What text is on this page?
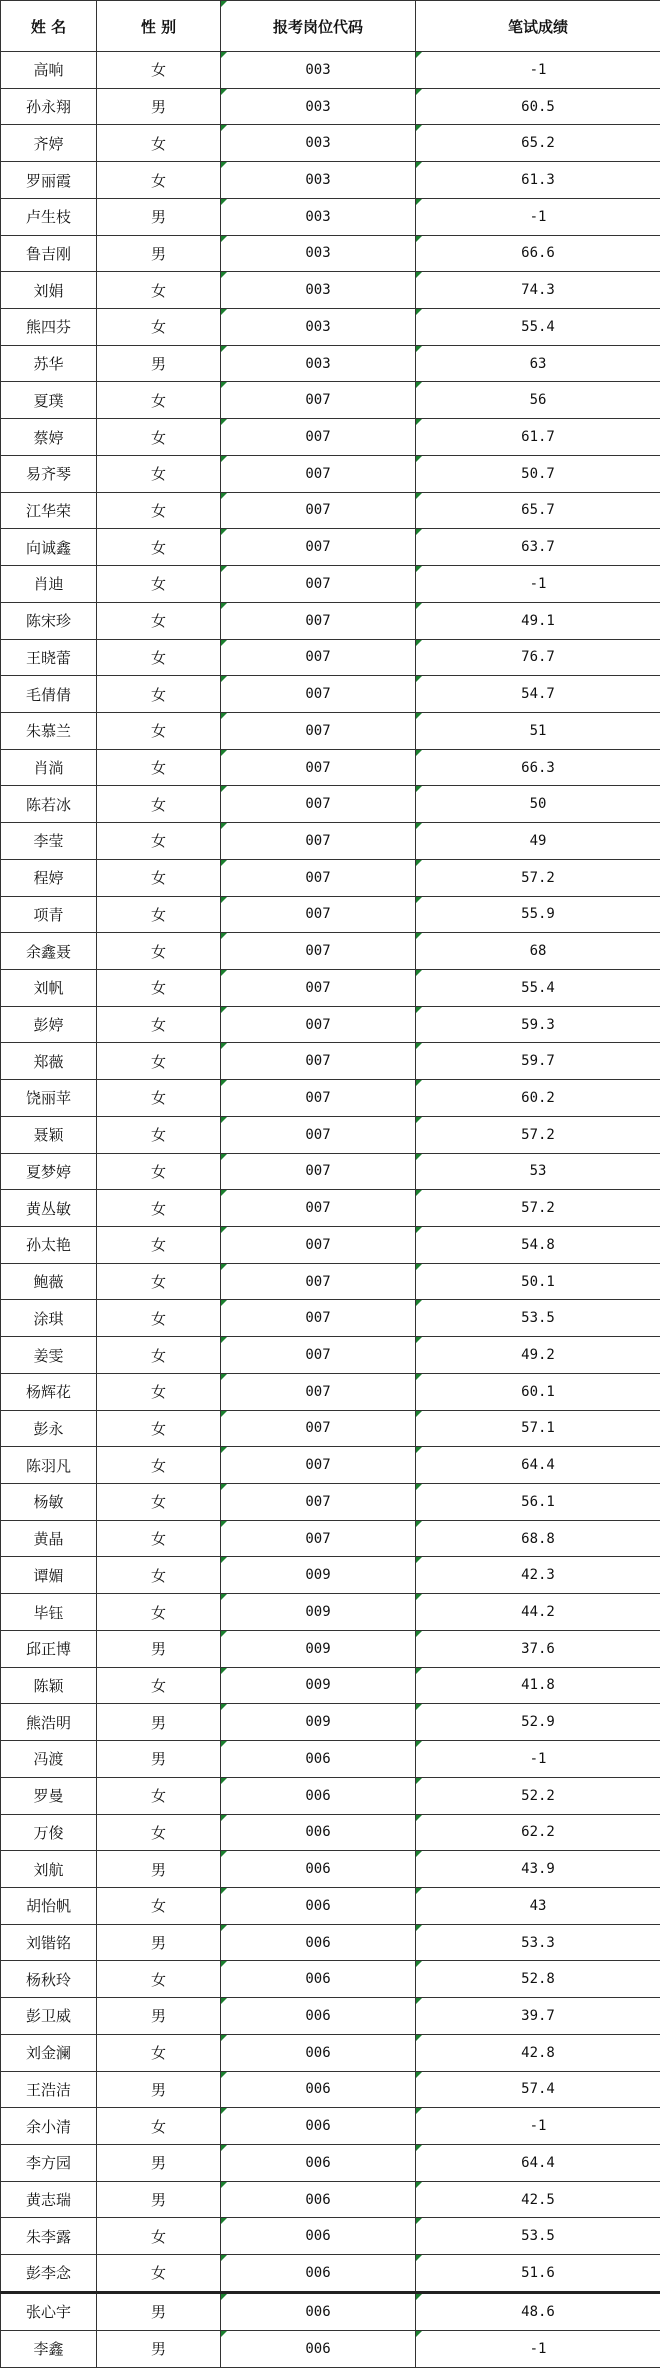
姓 名	性 别	报考岗位代码	笔试成绩
高响	女	003	-1
孙永翔	男	003	60.5
齐婷	女	003	65.2
罗丽霞	女	003	61.3
卢生枝	男	003	-1
鲁吉刚	男	003	66.6
刘娟	女	003	74.3
熊四芬	女	003	55.4
苏华	男	003	63
夏璞	女	007	56
蔡婷	女	007	61.7
易齐琴	女	007	50.7
江华荣	女	007	65.7
向诚鑫	女	007	63.7
肖迪	女	007	-1
陈宋珍	女	007	49.1
王晓蕾	女	007	76.7
毛倩倩	女	007	54.7
朱慕兰	女	007	51
肖淌	女	007	66.3
陈若冰	女	007	50
李莹	女	007	49
程婷	女	007	57.2
项青	女	007	55.9
余鑫聂	女	007	68
刘帆	女	007	55.4
彭婷	女	007	59.3
郑薇	女	007	59.7
饶丽苹	女	007	60.2
聂颖	女	007	57.2
夏梦婷	女	007	53
黄丛敏	女	007	57.2
孙太艳	女	007	54.8
鲍薇	女	007	50.1
涂琪	女	007	53.5
姜雯	女	007	49.2
杨辉花	女	007	60.1
彭永	女	007	57.1
陈羽凡	女	007	64.4
杨敏	女	007	56.1
黄晶	女	007	68.8
谭媚	女	009	42.3
毕钰	女	009	44.2
邱正博	男	009	37.6
陈颖	女	009	41.8
熊浩明	男	009	52.9
冯渡	男	006	-1
罗曼	女	006	52.2
万俊	女	006	62.2
刘航	男	006	43.9
胡怡帆	女	006	43
刘锴铭	男	006	53.3
杨秋玲	女	006	52.8
彭卫威	男	006	39.7
刘金澜	女	006	42.8
王浩洁	男	006	57.4
余小清	女	006	-1
李方园	男	006	64.4
黄志瑞	男	006	42.5
朱李露	女	006	53.5
彭李念	女	006	51.6
张心宇	男	006	48.6
李鑫	男	006	-1
